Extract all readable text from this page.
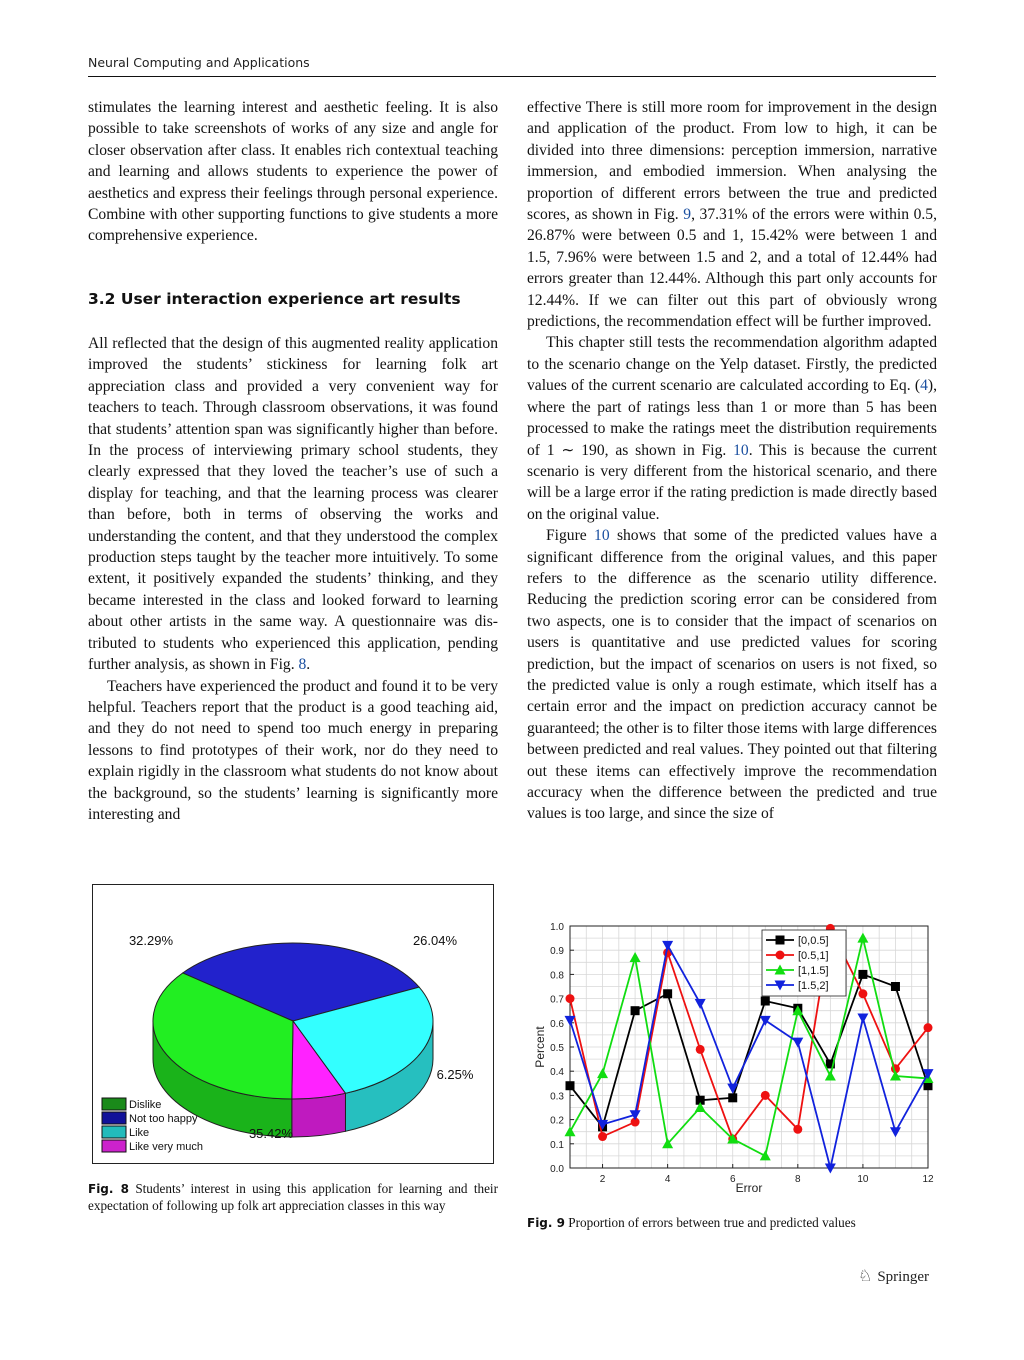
Neural Computing and Applications

stimulates the learning interest and aesthetic feeling. It is also possible to take screenshots of works of any size and angle for closer observation after class. It enables rich contextual teaching and learning and allows students to experience the power of aesthetics and express their feelings through personal experience. Combine with other supporting functions to give students a more comprehensive experience.

3.2 User interaction experience art results

All reflected that the design of this augmented reality application improved the students’ stickiness for learning folk art appreciation class and provided a very convenient way for teachers to teach. Through classroom observations, it was found that students’ attention span was significantly higher than before. In the process of interviewing primary school students, they clearly expressed that they loved the teacher’s use of such a display for teaching, and that the learning process was clearer than before, both in terms of observing the works and understanding the content, and that they understood the complex production steps taught by the teacher more intuitively. To some extent, it positively expanded the students’ thinking, and they became interested in the class and looked forward to learning about other artists in the same way. A questionnaire was distributed to students who experienced this application, pending further analysis, as shown in Fig. 8.

Teachers have experienced the product and found it to be very helpful. Teachers report that the product is a good teaching aid, and they do not need to spend too much energy in preparing lessons to find prototypes of their work, nor do they need to explain rigidly in the classroom what students do not know about the background, so the students’ learning is significantly more interesting and

effective There is still more room for improvement in the design and application of the product. From low to high, it can be divided into three dimensions: perception immersion, narrative immersion, and embodied immersion. When analysing the proportion of different errors between the true and predicted scores, as shown in Fig. 9, 37.31% of the errors were within 0.5, 26.87% were between 0.5 and 1, 15.42% were between 1 and 1.5, 7.96% were between 1.5 and 2, and a total of 12.44% had errors greater than 12.44%. Although this part only accounts for 12.44%. If we can filter out this part of obviously wrong predictions, the recommendation effect will be further improved.

This chapter still tests the recommendation algorithm adapted to the scenario change on the Yelp dataset. Firstly, the predicted values of the current scenario are calculated according to Eq. (4), where the part of ratings less than 1 or more than 5 has been processed to make the ratings meet the distribution requirements of 1 ∼ 190, as shown in Fig. 10. This is because the current scenario is very different from the historical scenario, and there will be a large error if the rating prediction is made directly based on the original value.

Figure 10 shows that some of the predicted values have a significant difference from the original values, and this paper refers to the difference as the scenario utility difference. Reducing the prediction scoring error can be considered from two aspects, one is to consider that the impact of scenarios on users is quantitative and use predicted values for scoring prediction, but the impact of scenarios on users is not fixed, so the predicted value is only a rough estimate, which itself has a certain error and the impact on prediction accuracy cannot be guaranteed; the other is to filter those items with large differences between predicted and real values. They pointed out that filtering out these items can effectively improve the recommendation accuracy when the difference between the predicted and true values is too large, and since the size of

32.29%	26.04%
6.25%
35.42%
Dislike
Not too happy
Like
Like very much
Fig. 8 Students’ interest in using this application for learning and their expectation of following up folk art appreciation classes in this way
0.0
0.1
0.2
0.3
0.4
0.5
0.6
0.7
0.8
0.9
1.0
2	4	6	8	10	12
Error
Percent
[0,0.5]
[0.5,1]
[1,1.5]
[1.5,2]
Fig. 9 Proportion of errors between true and predicted values
♘ Springer
